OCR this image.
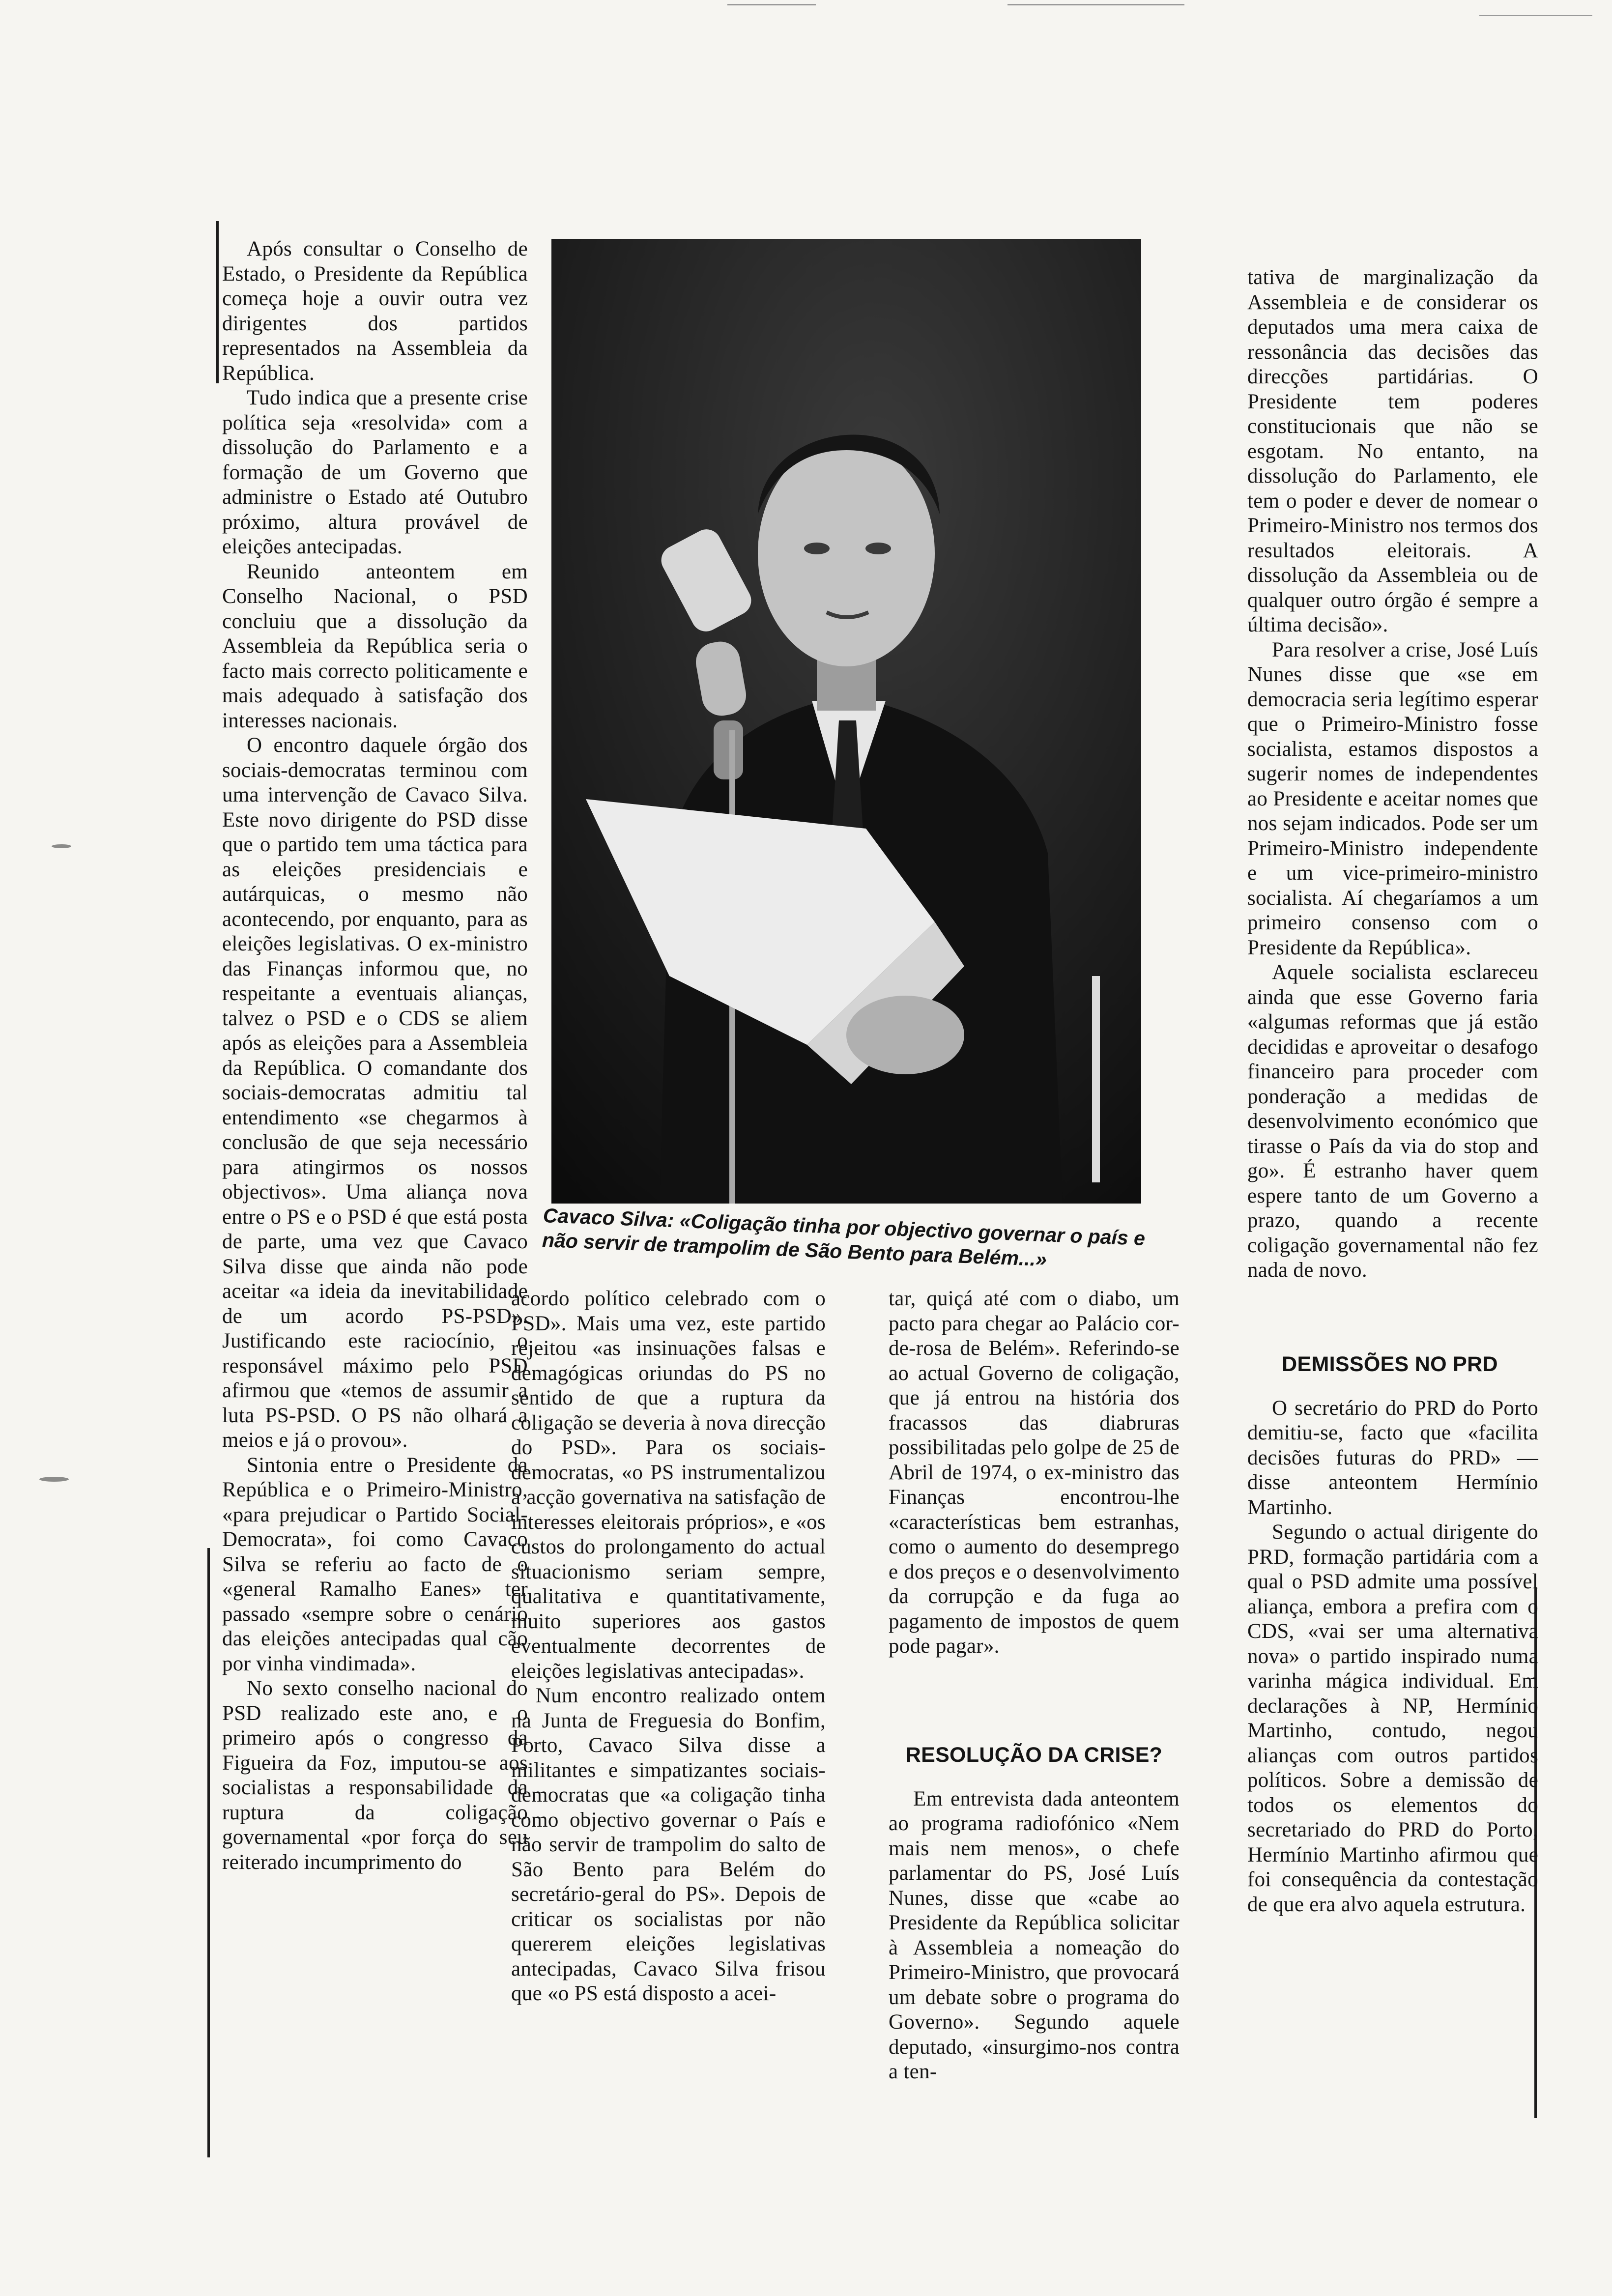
Após consultar o Conselho de Estado, o Presidente da República começa hoje a ouvir outra vez dirigentes dos partidos representados na Assembleia da República.

Tudo indica que a presente crise política seja «resolvida» com a dissolução do Parlamento e a formação de um Governo que administre o Estado até Outubro próximo, altura provável de eleições antecipadas.

Reunido anteontem em Conselho Nacional, o PSD concluiu que a dissolução da Assembleia da República seria o facto mais correcto politicamente e mais adequado à satisfação dos interesses nacionais.

O encontro daquele órgão dos sociais-democratas terminou com uma intervenção de Cavaco Silva. Este novo dirigente do PSD disse que o partido tem uma táctica para as eleições presidenciais e autárquicas, o mesmo não acontecendo, por enquanto, para as eleições legislativas. O ex-ministro das Finanças informou que, no respeitante a eventuais alianças, talvez o PSD e o CDS se aliem após as eleições para a Assembleia da República. O comandante dos sociais-democratas admitiu tal entendimento «se chegarmos à conclusão de que seja necessário para atingirmos os nossos objectivos». Uma aliança nova entre o PS e o PSD é que está posta de parte, uma vez que Cavaco Silva disse que ainda não pode aceitar «a ideia da inevitabilidade de um acordo PS-PSD». Justificando este raciocínio, o responsável máximo pelo PSD afirmou que «temos de assumir a luta PS-PSD. O PS não olhará a meios e já o provou».

Sintonia entre o Presidente da República e o Primeiro-Ministro, «para prejudicar o Partido Social-Democrata», foi como Cavaco Silva se referiu ao facto de o «general Ramalho Eanes» ter passado «sempre sobre o cenário das eleições antecipadas qual cão por vinha vindimada».

No sexto conselho nacional do PSD realizado este ano, e o primeiro após o congresso da Figueira da Foz, imputou-se aos socialistas a responsabilidade da ruptura da coligação governamental «por força do seu reiterado incumprimento do

Cavaco Silva: «Coligação tinha por objectivo governar o país e não servir de trampolim de São Bento para Belém...»

acordo político celebrado com o PSD». Mais uma vez, este partido rejeitou «as insinuações falsas e demagógicas oriundas do PS no sentido de que a ruptura da coligação se deveria à nova direcção do PSD». Para os sociais-democratas, «o PS instrumentalizou a acção governativa na satisfação de interesses eleitorais próprios», e «os custos do prolongamento do actual situacionismo seriam sempre, qualitativa e quantitativamente, muito superiores aos gastos eventualmente decorrentes de eleições legislativas antecipadas».

Num encontro realizado ontem na Junta de Freguesia do Bonfim, Porto, Cavaco Silva disse a militantes e simpatizantes sociais-democratas que «a coligação tinha como objectivo governar o País e não servir de trampolim do salto de São Bento para Belém do secretário-geral do PS». Depois de criticar os socialistas por não quererem eleições legislativas antecipadas, Cavaco Silva frisou que «o PS está disposto a acei-

tar, quiçá até com o diabo, um pacto para chegar ao Palácio cor-de-rosa de Belém». Referindo-se ao actual Governo de coligação, que já entrou na história dos fracassos das diabruras possibilitadas pelo golpe de 25 de Abril de 1974, o ex-ministro das Finanças encontrou-lhe «características bem estranhas, como o aumento do desemprego e dos preços e o desenvolvimento da corrupção e da fuga ao pagamento de impostos de quem pode pagar».

RESOLUÇÃO DA CRISE?

Em entrevista dada anteontem ao programa radiofónico «Nem mais nem menos», o chefe parlamentar do PS, José Luís Nunes, disse que «cabe ao Presidente da República solicitar à Assembleia a nomeação do Primeiro-Ministro, que provocará um debate sobre o programa do Governo». Segundo aquele deputado, «insurgimo-nos contra a ten-

tativa de marginalização da Assembleia e de considerar os deputados uma mera caixa de ressonância das decisões das direcções partidárias. O Presidente tem poderes constitucionais que não se esgotam. No entanto, na dissolução do Parlamento, ele tem o poder e dever de nomear o Primeiro-Ministro nos termos dos resultados eleitorais. A dissolução da Assembleia ou de qualquer outro órgão é sempre a última decisão».

Para resolver a crise, José Luís Nunes disse que «se em democracia seria legítimo esperar que o Primeiro-Ministro fosse socialista, estamos dispostos a sugerir nomes de independentes ao Presidente e aceitar nomes que nos sejam indicados. Pode ser um Primeiro-Ministro independente e um vice-primeiro-ministro socialista. Aí chegaríamos a um primeiro consenso com o Presidente da República».

Aquele socialista esclareceu ainda que esse Governo faria «algumas reformas que já estão decididas e aproveitar o desafogo financeiro para proceder com ponderação a medidas de desenvolvimento económico que tirasse o País da via do stop and go». É estranho haver quem espere tanto de um Governo a prazo, quando a recente coligação governamental não fez nada de novo.

DEMISSÕES NO PRD

O secretário do PRD do Porto demitiu-se, facto que «facilita decisões futuras do PRD» — disse anteontem Hermínio Martinho.

Segundo o actual dirigente do PRD, formação partidária com a qual o PSD admite uma possível aliança, embora a prefira com o CDS, «vai ser uma alternativa nova» o partido inspirado numa varinha mágica individual. Em declarações à NP, Hermínio Martinho, contudo, negou alianças com outros partidos políticos. Sobre a demissão de todos os elementos do secretariado do PRD do Porto, Hermínio Martinho afirmou que foi consequência da contestação de que era alvo aquela estrutura.
